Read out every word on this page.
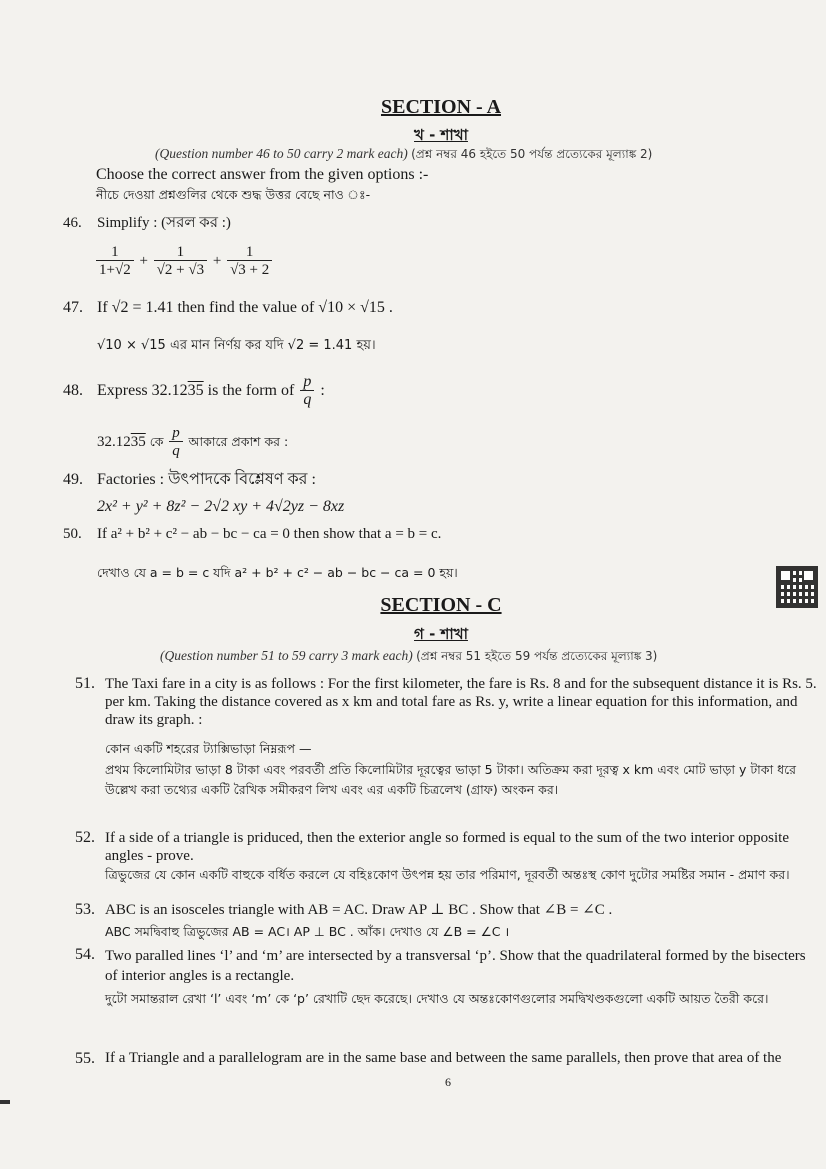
SECTION - A
খ - শাখা
(Question number 46 to 50 carry 2 mark each) (প্রশ্ন নম্বর 46 হইতে 50 পর্যন্ত প্রত্যেকের মূল্যাঙ্ক 2)
Choose the correct answer from the given options :-
নীচে দেওয়া প্রশ্নগুলির থেকে শুদ্ধ উত্তর বেছে নাও ঃ-
46. Simplify : (সরল কর :)
$\frac{1}{1+√2} + \frac{1}{√2 + √3} + \frac{1}{√3 + 2}$
47. If √2 = 1.41 then find the value of √10 × √15 .
√10 × √15 এর মান নির্ণয় কর যদি √2 = 1.41 হয়।
48. Express 32.1235 is the form of $\frac{p}{q}$ :
32.1235 কে $\frac{p}{q}$ আকারে প্রকাশ কর :
49. Factories : উৎপাদকে বিশ্লেষণ কর :
2x² + y² + 8z² − 2√2 xy + 4√2yz − 8xz
50. If a² + b² + c² − ab − bc − ca = 0 then show that a = b = c.
দেখাও যে a = b = c যদি a² + b² + c² − ab − bc − ca = 0 হয়।
SECTION - C
গ - শাখা
(Question number 51 to 59 carry 3 mark each) (প্রশ্ন নম্বর 51 হইতে 59 পর্যন্ত প্রত্যেকের মূল্যাঙ্ক 3)
51. The Taxi fare in a city is as follows : For the first kilometer, the fare is Rs. 8 and for the subsequent distance it is Rs. 5. per km. Taking the distance covered as x km and total fare as Rs. y, write a linear equation for this information, and draw its graph. :
কোন একটি শহরের ট্যাক্সিভাড়া নিম্নরূপ —
প্রথম কিলোমিটার ভাড়া 8 টাকা এবং পরবর্তী প্রতি কিলোমিটার দূরত্বের ভাড়া 5 টাকা। অতিক্রম করা দূরত্ব x km এবং মোট ভাড়া y টাকা ধরে উল্লেখ করা তথ্যের একটি রৈখিক সমীকরণ লিখ এবং এর একটি চিত্রলেখ (গ্রাফ) অংকন কর।
52. If a side of a triangle is priduced, then the exterior angle so formed is equal to the sum of the two interior opposite angles - prove.
ত্রিভুজের যে কোন একটি বাহুকে বর্ধিত করলে যে বহিঃকোণ উৎপন্ন হয় তার পরিমাণ, দূরবর্তী অন্তঃস্থ কোণ দুটোর সমষ্টির সমান - প্রমাণ কর।
53. ABC is an isosceles triangle with AB = AC. Draw AP ⊥ BC . Show that ∠B = ∠C .
ABC সমদ্বিবাহু ত্রিভুজের AB = AC। AP ⊥ BC . আঁক। দেখাও যে ∠B = ∠C ।
54. Two paralled lines ‘l’ and ‘m’ are intersected by a transversal ‘p’. Show that the quadrilateral formed by the bisecters of interior angles is a rectangle.
দুটো সমান্তরাল রেখা ‘l’ এবং ‘m’ কে ‘p’ রেখাটি ছেদ করেছে। দেখাও যে অন্তঃকোণগুলোর সমদ্বিখণ্ডকগুলো একটি আয়ত তৈরী করে।
55. If a Triangle and a parallelogram are in the same base and between the same parallels, then prove that area of the
6
